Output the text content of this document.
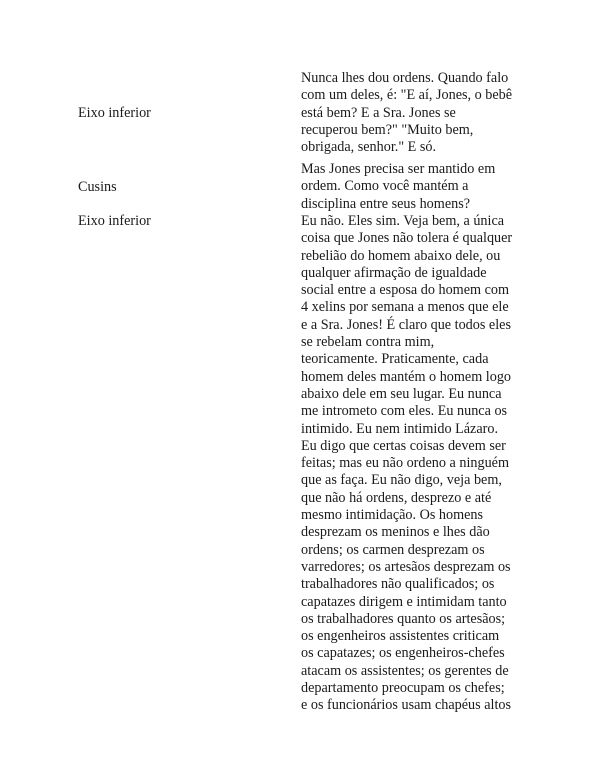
Eixo inferior
Nunca lhes dou ordens. Quando falo
com um deles, é: "E aí, Jones, o bebê
está bem? E a Sra. Jones se
recuperou bem?" "Muito bem,
obrigada, senhor." E só.
Cusins
Mas Jones precisa ser mantido em
ordem. Como você mantém a
disciplina entre seus homens?
Eixo inferior	Eu não. Eles sim. Veja bem, a única
coisa que Jones não tolera é qualquer
rebelião do homem abaixo dele, ou
qualquer afirmação de igualdade
social entre a esposa do homem com
4 xelins por semana a menos que ele
e a Sra. Jones! É claro que todos eles
se rebelam contra mim,
teoricamente. Praticamente, cada
homem deles mantém o homem logo
abaixo dele em seu lugar. Eu nunca
me intrometo com eles. Eu nunca os
intimido. Eu nem intimido Lázaro.
Eu digo que certas coisas devem ser
feitas; mas eu não ordeno a ninguém
que as faça. Eu não digo, veja bem,
que não há ordens, desprezo e até
mesmo intimidação. Os homens
desprezam os meninos e lhes dão
ordens; os carmen desprezam os
varredores; os artesãos desprezam os
trabalhadores não qualificados; os
capatazes dirigem e intimidam tanto
os trabalhadores quanto os artesãos;
os engenheiros assistentes criticam
os capatazes; os engenheiros-chefes
atacam os assistentes; os gerentes de
departamento preocupam os chefes;
e os funcionários usam chapéus altos
